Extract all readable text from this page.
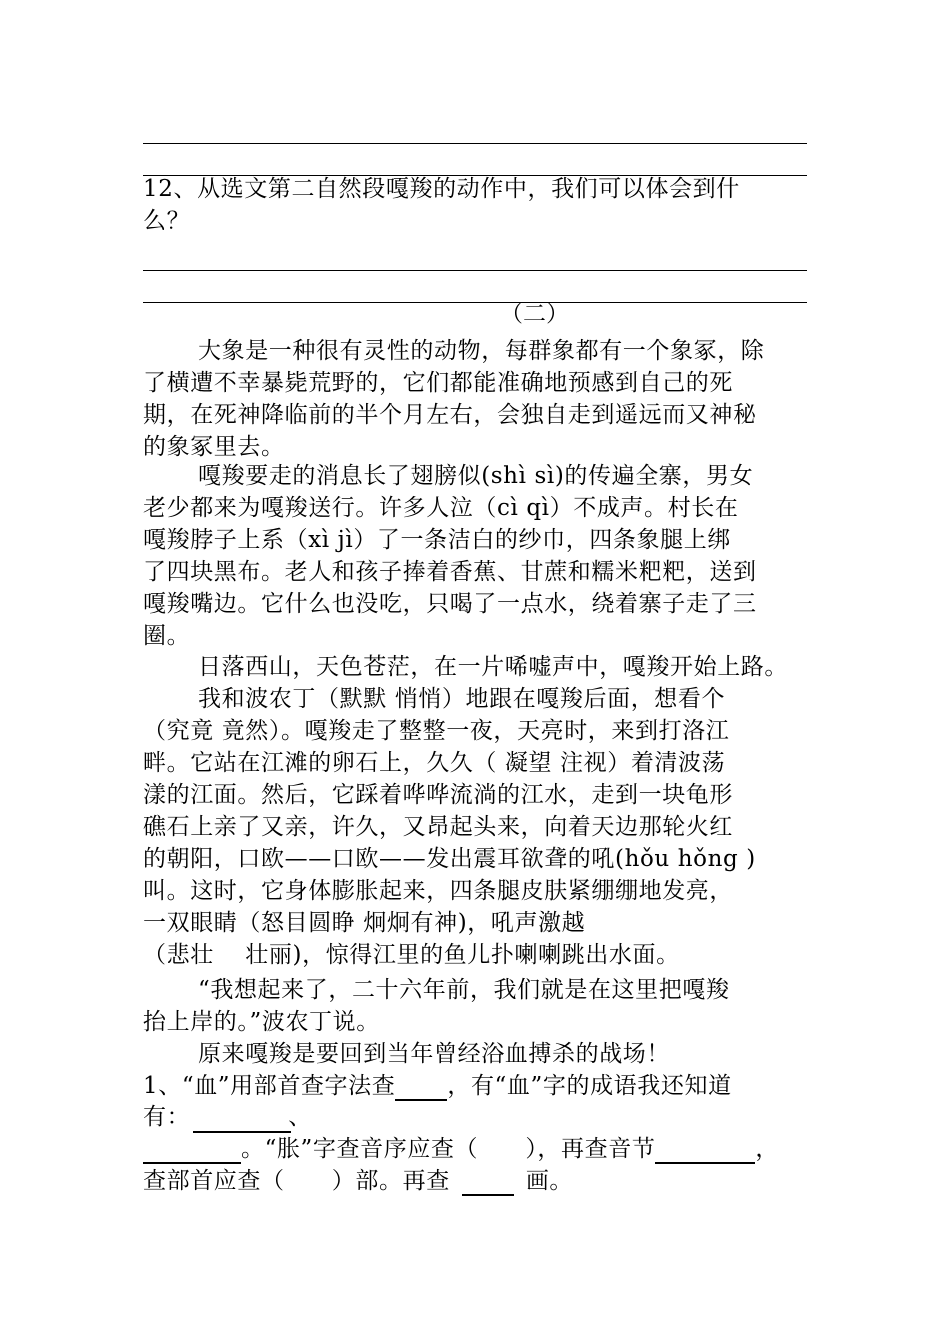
12、从选文第二自然段嘎羧的动作中，我们可以体会到什
么？
（二）
大象是一种很有灵性的动物，每群象都有一个象冢，除
了横遭不幸暴毙荒野的，它们都能准确地预感到自己的死
期，在死神降临前的半个月左右，会独自走到遥远而又神秘
的象冢里去。
嘎羧要走的消息长了翅膀似(shì sì)的传遍全寨，男女
老少都来为嘎羧送行。许多人泣（cì qì）不成声。村长在
嘎羧脖子上系（xì jì）了一条洁白的纱巾，四条象腿上绑
了四块黑布。老人和孩子捧着香蕉、甘蔗和糯米粑粑，送到
嘎羧嘴边。它什么也没吃，只喝了一点水，绕着寨子走了三
圈。
日落西山，天色苍茫，在一片唏嘘声中，嘎羧开始上路。
我和波农丁（默默 悄悄）地跟在嘎羧后面，想看个
（究竟 竟然）。嘎羧走了整整一夜，天亮时，来到打洛江
畔。它站在江滩的卵石上，久久（ 凝望 注视）着清波荡
漾的江面。然后，它踩着哗哗流淌的江水，走到一块龟形
礁石上亲了又亲，许久，又昂起头来，向着天边那轮火红
的朝阳，口欧——口欧——发出震耳欲聋的吼(hǒu hǒng )
叫。这时，它身体膨胀起来，四条腿皮肤紧绷绷地发亮，
一双眼睛（怒目圆睁 炯炯有神)，吼声激越
（悲壮　 壮丽)，惊得江里的鱼儿扑喇喇跳出水面。
“我想起来了，二十六年前，我们就是在这里把嘎羧
抬上岸的。”波农丁说。
原来嘎羧是要回到当年曾经浴血搏杀的战场！
1、“血”用部首查字法查 ，有“血”字的成语我还知道
有：	、
。“胀”字查音序应查（　　），再查音节	，
查部首应查（　　）部。再查	画。
